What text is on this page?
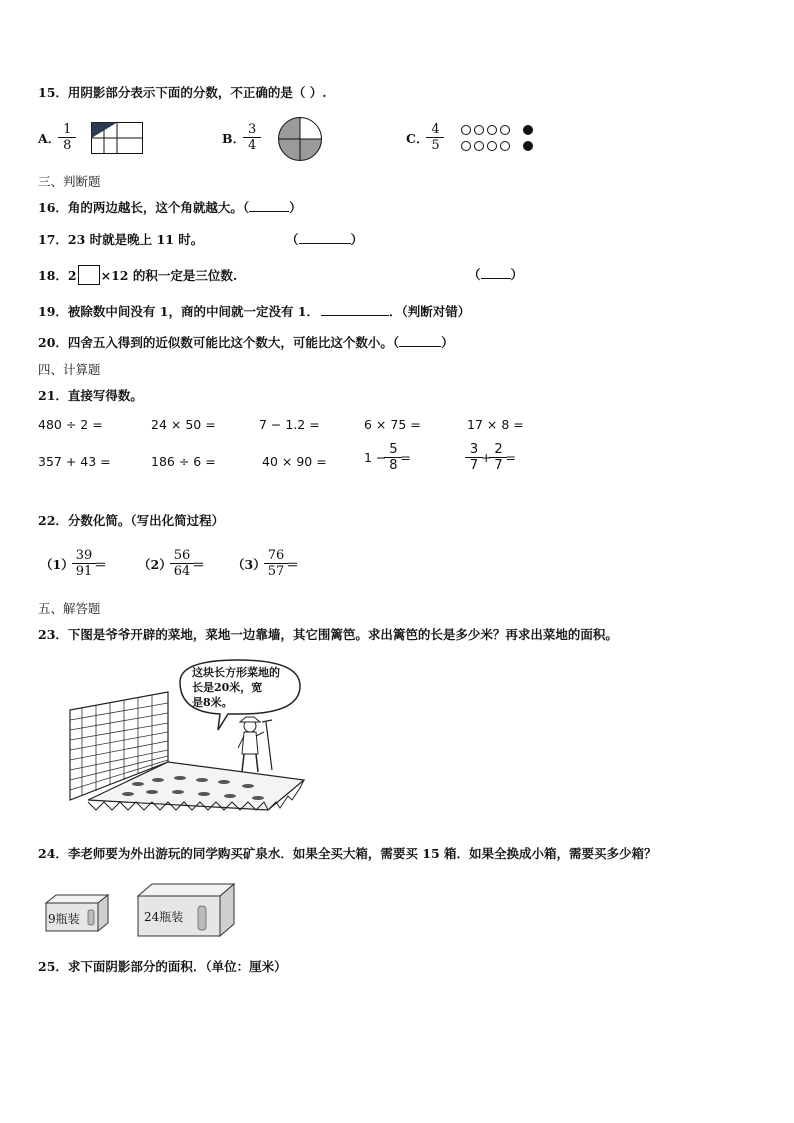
15．用阴影部分表示下面的分数，不正确的是（ ）.
A． $\frac{1}{8}$	B． $\frac{3}{4}$	C． $\frac{4}{5}$
三、判断题
16．角的两边越长，这个角就越大。（	）
17．23 时就是晚上 11 时。	（	）
18． 2 ×12 的积一定是三位数.	（ ）
19．被除数中间没有 1，商的中间就一定没有 1．	．（判断对错）
20．四舍五入得到的近似数可能比这个数大，可能比这个数小。（	）
四、计算题
21．直接写得数。
480 ÷ 2 =	24 × 50 =	7 − 1.2 =	6 × 75 =	17 × 8 =
357 + 43 =	186 ÷ 6 =	40 × 90 =	$1 - \frac{5}{8}$ =	$\frac{3}{7} + \frac{2}{7}$ =
22．分数化简。（写出化简过程）
$(1) \frac{39}{91} = (2) \frac{56}{64} = (3) \frac{76}{57}$ ＝
五、解答题
23．下图是爷爷开辟的菜地，菜地一边靠墙，其它围篱笆。求出篱笆的长是多少米？再求出菜地的面积。
这块长方形菜地的
长是20米，宽
是8米。
24．李老师要为外出游玩的同学购买矿泉水．如果全买大箱，需要买 15 箱．如果全换成小箱，需要买多少箱？
9瓶装	24瓶装
25．求下面阴影部分的面积．（单位：厘米）
